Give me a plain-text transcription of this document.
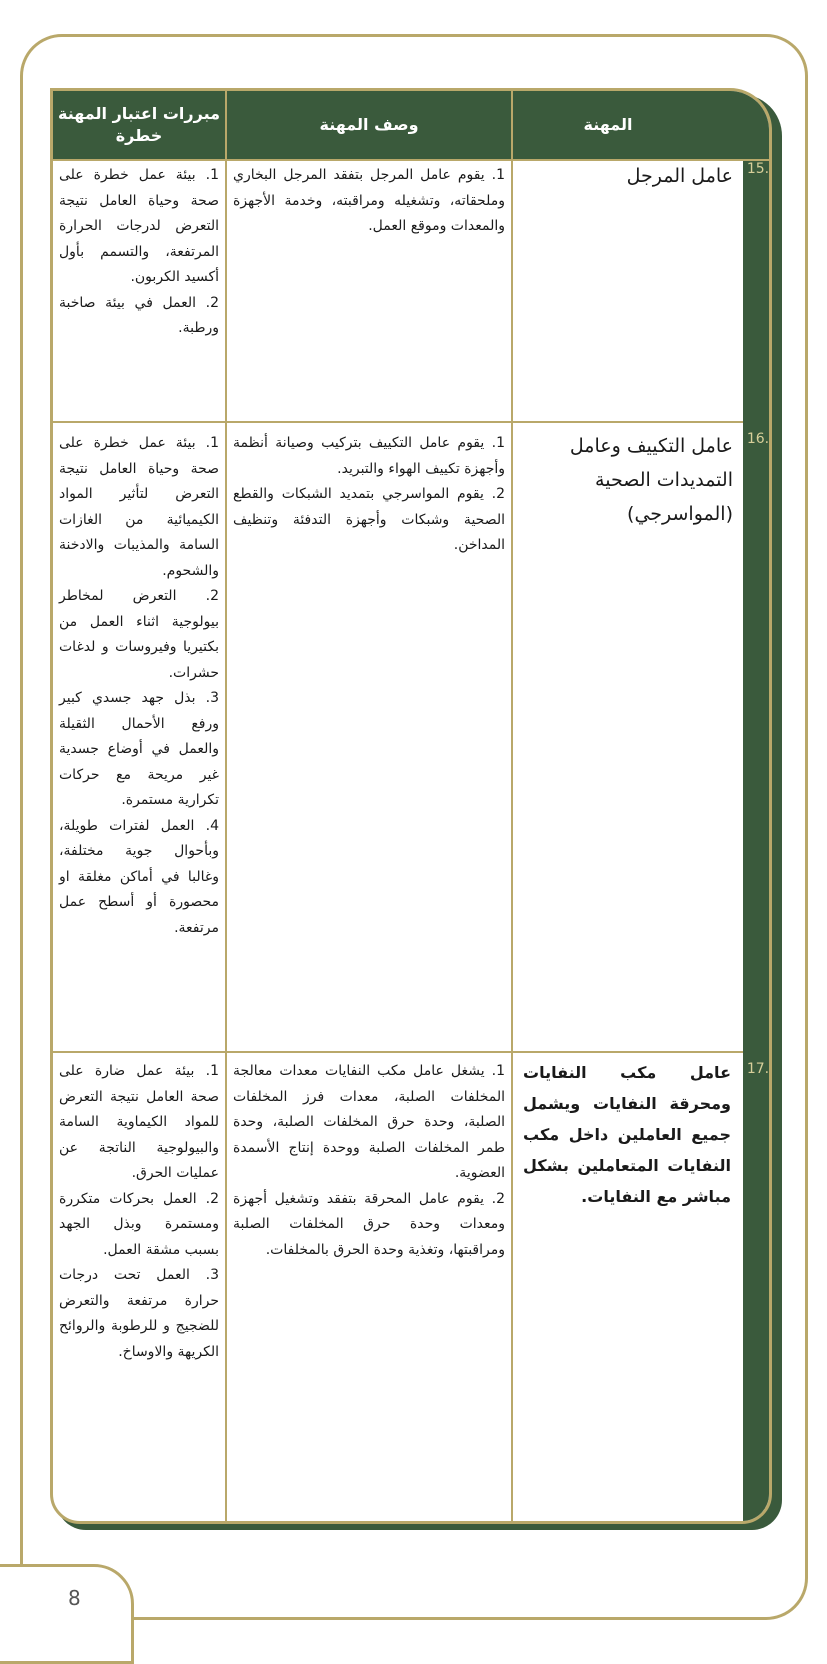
8
مبررات اعتبار المهنة خطرة
وصف المهنة	المهنة
15.
عامل المرجل

1. يقوم عامل المرجل بتفقد المرجل البخاري وملحقاته، وتشغيله ومراقبته، وخدمة الأجهزة والمعدات وموقع العمل.

1. بيئة عمل خطرة على صحة وحياة العامل نتيجة التعرض لدرجات الحرارة المرتفعة، والتسمم بأول أكسيد الكربون.

2. العمل في بيئة صاخبة ورطبة.

16.
عامل التكييف وعامل التمديدات الصحية (المواسرجي)

1. يقوم عامل التكييف بتركيب وصيانة أنظمة وأجهزة تكييف الهواء والتبريد.

2. يقوم المواسرجي بتمديد الشبكات والقطع الصحية وشبكات وأجهزة التدفئة وتنظيف المداخن.

1. بيئة عمل خطرة على صحة وحياة العامل نتيجة التعرض لتأثير المواد الكيميائية من الغازات السامة والمذيبات والادخنة والشحوم.

2. التعرض لمخاطر بيولوجية اثناء العمل من بكتيريا وفيروسات و لدغات حشرات.

3. بذل جهد جسدي كبير ورفع الأحمال الثقيلة والعمل في أوضاع جسدية غير مريحة مع حركات تكرارية مستمرة.

4. العمل لفترات طويلة، وبأحوال جوية مختلفة، وغالبا في أماكن مغلقة او محصورة أو أسطح عمل مرتفعة.

17.
عامل مكب النفايات ومحرقة النفايات ويشمل جميع العاملين داخل مكب النفايات المتعاملين بشكل مباشر مع النفايات.

1. يشغل عامل مكب النفايات معدات معالجة المخلفات الصلبة، معدات فرز المخلفات الصلبة، وحدة حرق المخلفات الصلبة، وحدة طمر المخلفات الصلبة ووحدة إنتاج الأسمدة العضوية.

2. يقوم عامل المحرقة بتفقد وتشغيل أجهزة ومعدات وحدة حرق المخلفات الصلبة ومراقبتها، وتغذية وحدة الحرق بالمخلفات.

1. بيئة عمل ضارة على صحة العامل نتيجة التعرض للمواد الكيماوية السامة والبيولوجية الناتجة عن عمليات الحرق.

2. العمل بحركات متكررة ومستمرة وبذل الجهد بسبب مشقة العمل.

3. العمل تحت درجات حرارة مرتفعة والتعرض للضجيج و للرطوبة والروائح الكريهة والاوساخ.
